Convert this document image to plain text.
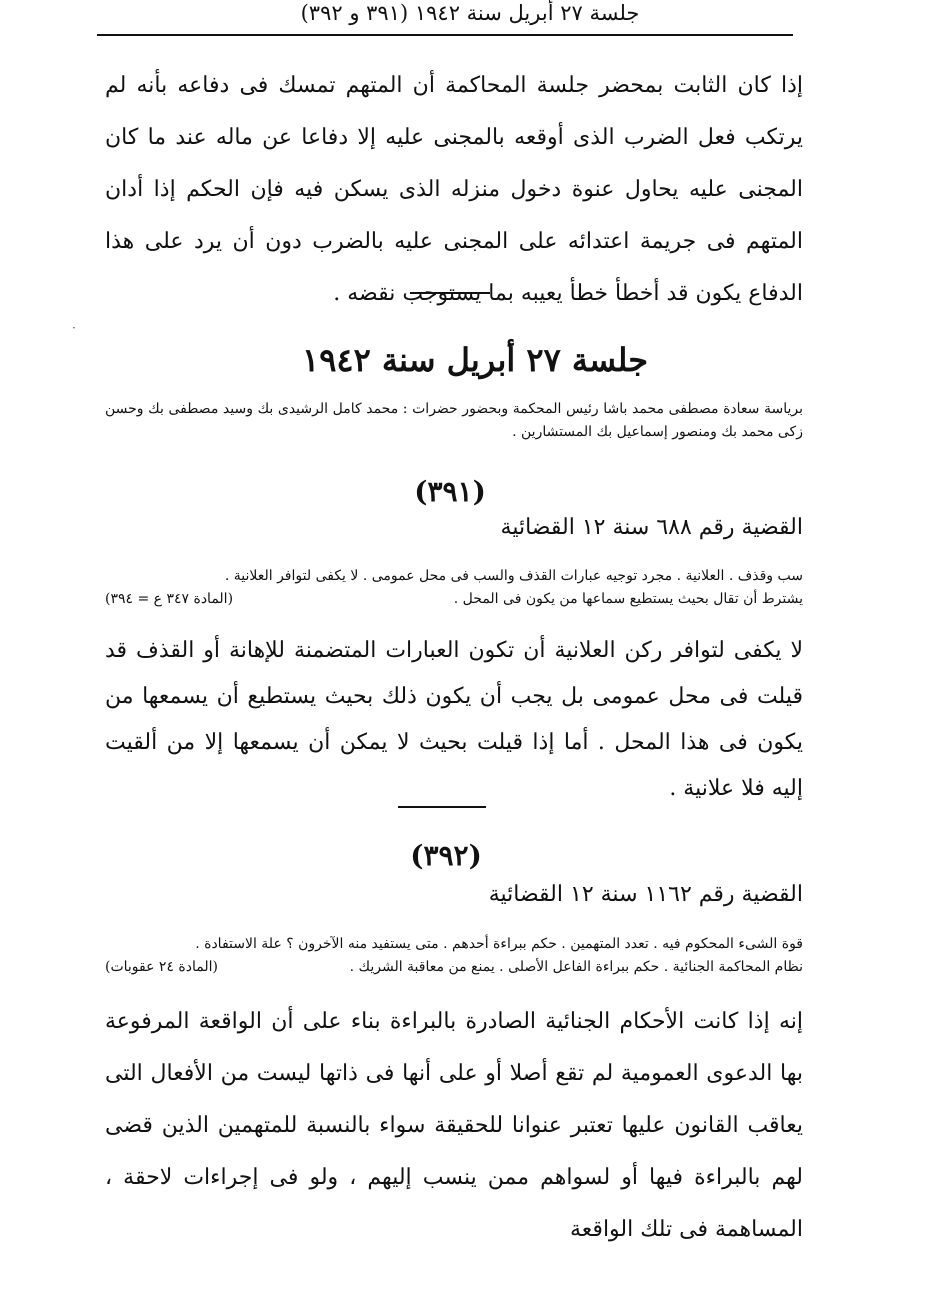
جلسة ٢٧ أبريل سنة ١٩٤٢ (٣٩١ و ٣٩٢)
إذا كان الثابت بمحضر جلسة المحاكمة أن المتهم تمسك فى دفاعه بأنه لم يرتكب فعل الضرب الذى أوقعه بالمجنى عليه إلا دفاعا عن ماله عند ما كان المجنى عليه يحاول عنوة دخول منزله الذى يسكن فيه فإن الحكم إذا أدان المتهم فى جريمة اعتدائه على المجنى عليه بالضرب دون أن يرد على هذا الدفاع يكون قد أخطأ خطأ يعيبه بما يستوجب نقضه .
·
جلسة ٢٧ أبريل سنة ١٩٤٢
برياسة سعادة مصطفى محمد باشا رئيس المحكمة وبحضور حضرات : محمد كامل الرشيدى بك وسيد مصطفى بك وحسن زكى محمد بك ومنصور إسماعيل بك المستشارين .
(٣٩١)
القضية رقم ٦٨٨ سنة ١٢ القضائية
سب وقذف . العلانية . مجرد توجيه عبارات القذف والسب فى محل عمومى . لا يكفى لتوافر العلانية .
يشترط أن تقال بحيث يستطيع سماعها من يكون فى المحل .
(المادة ٣٤٧ ع = ٣٩٤)
لا يكفى لتوافر ركن العلانية أن تكون العبارات المتضمنة للإهانة أو القذف قد قيلت فى محل عمومى بل يجب أن يكون ذلك بحيث يستطيع أن يسمعها من يكون فى هذا المحل . أما إذا قيلت بحيث لا يمكن أن يسمعها إلا من ألقيت إليه فلا علانية .
(٣٩٢)
القضية رقم ١١٦٢ سنة ١٢ القضائية
قوة الشىء المحكوم فيه . تعدد المتهمين . حكم ببراءة أحدهم . متى يستفيد منه الآخرون ؟ علة الاستفادة .
نظام المحاكمة الجنائية . حكم ببراءة الفاعل الأصلى . يمنع من معاقبة الشريك .
(المادة ٢٤ عقوبات)
إنه إذا كانت الأحكام الجنائية الصادرة بالبراءة بناء على أن الواقعة المرفوعة بها الدعوى العمومية لم تقع أصلا أو على أنها فى ذاتها ليست من الأفعال التى يعاقب القانون عليها تعتبر عنوانا للحقيقة سواء بالنسبة للمتهمين الذين قضى لهم بالبراءة فيها أو لسواهم ممن ينسب إليهم ، ولو فى إجراءات لاحقة ، المساهمة فى تلك الواقعة
